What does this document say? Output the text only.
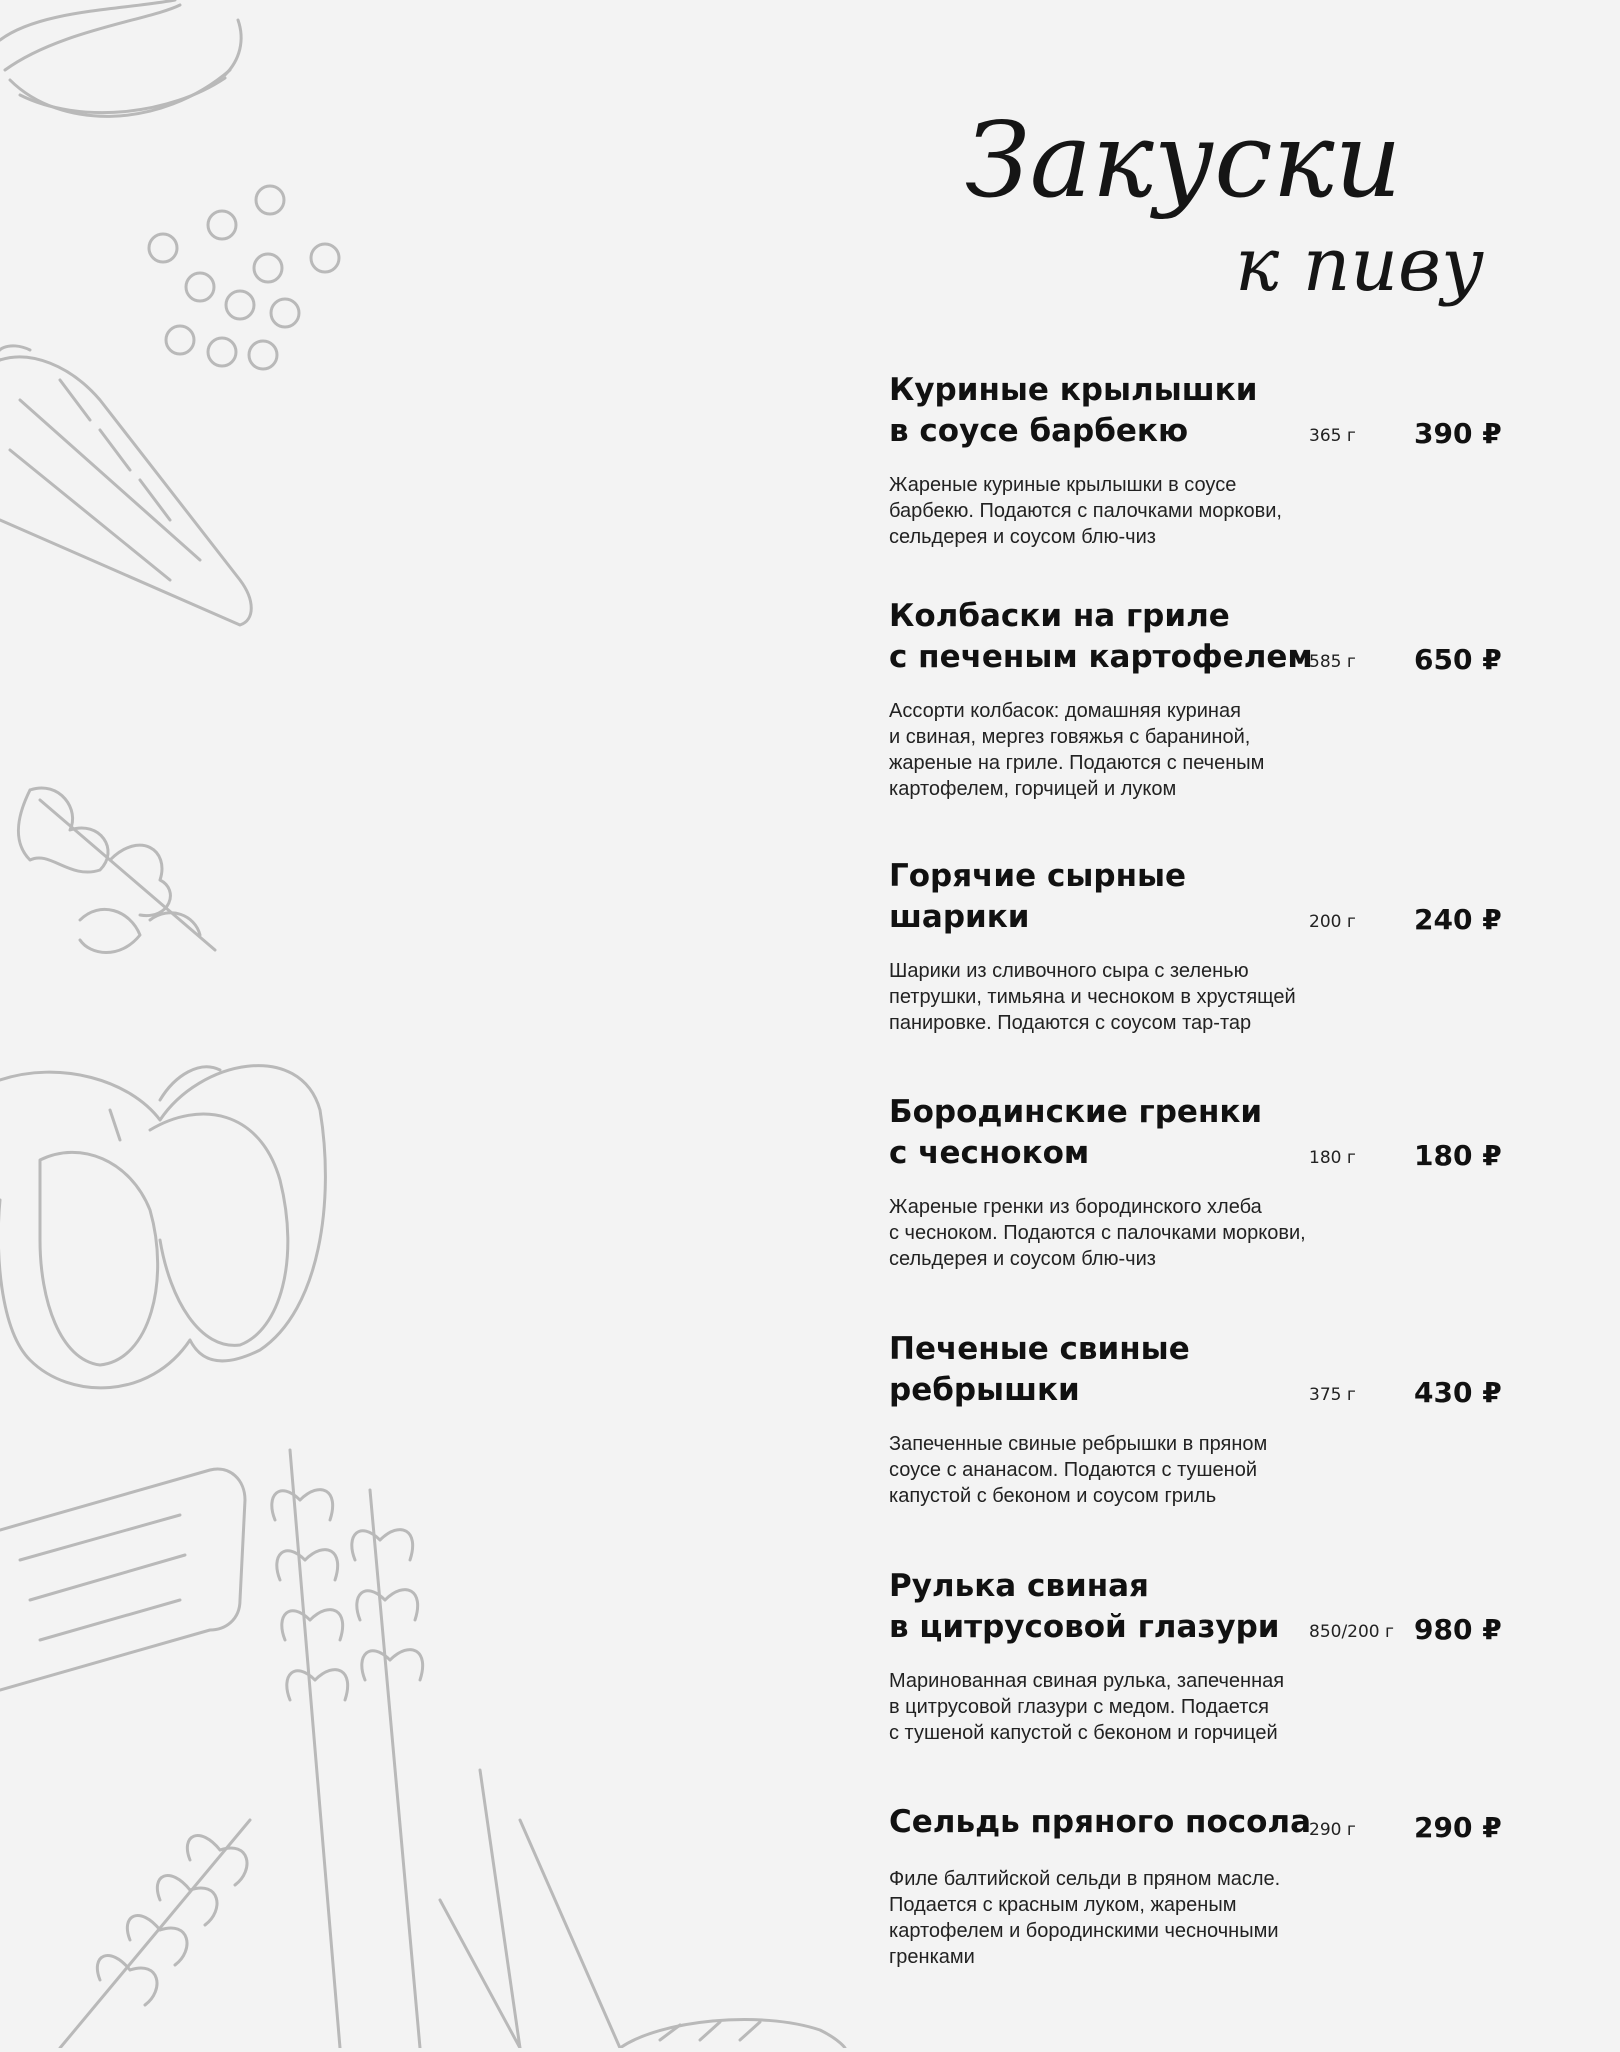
Закуски
к пиву
Куриные крылышки
в соусе барбекю	365 г 390 ₽
Жареные куриные крылышки в соусе
барбекю. Подаются с палочками моркови,
сельдерея и соусом блю-чиз
Колбаски на гриле
с печеным картофелем
585 г 650 ₽
Ассорти колбасок: домашняя куриная
и свиная, мергез говяжья с бараниной,
жареные на гриле. Подаются с печеным
картофелем, горчицей и луком
Горячие сырные
шарики	200 г 240 ₽
Шарики из сливочного сыра с зеленью
петрушки, тимьяна и чесноком в хрустящей
панировке. Подаются с соусом тар-тар
Бородинские гренки
с чесноком	180 г 180 ₽
Жареные гренки из бородинского хлеба
с чесноком. Подаются с палочками моркови,
сельдерея и соусом блю-чиз
Печеные свиные
ребрышки	375 г 430 ₽
Запеченные свиные ребрышки в пряном
соусе с ананасом. Подаются с тушеной
капустой с беконом и соусом гриль
Рулька свиная
в цитрусовой глазури	850/200 г 980 ₽
Маринованная свиная рулька, запеченная
в цитрусовой глазури с медом. Подается
с тушеной капустой с беконом и горчицей
Сельдь пряного посола
290 г 290 ₽
Филе балтийской сельди в пряном масле.
Подается с красным луком, жареным
картофелем и бородинскими чесночными
гренками
